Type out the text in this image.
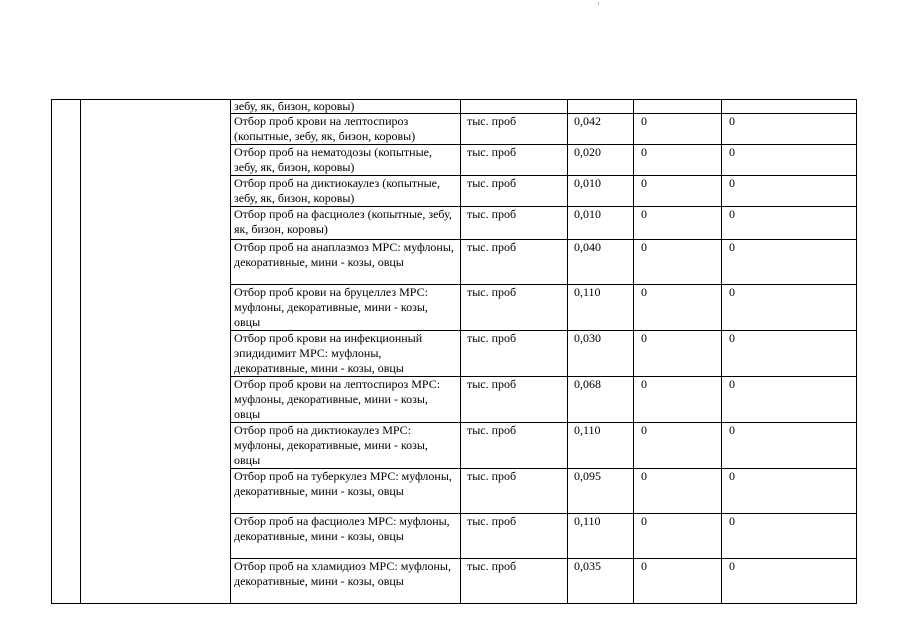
		зебу, як, бизон, коровы)				
		Отбор проб крови на лептоспироз (копытные, зебу, як, бизон, коровы)	тыс. проб	0,042	0	0
		Отбор проб на нематодозы (копытные, зебу, як, бизон, коровы)	тыс. проб	0,020	0	0
		Отбор проб на диктиокаулез (копытные, зебу, як, бизон, коровы)	тыс. проб	0,010	0	0
		Отбор проб на фасциолез (копытные, зебу, як, бизон, коровы)	тыс. проб	0,010	0	0
		Отбор проб на анаплазмоз МРС: муфлоны, декоративные, мини - козы, овцы	тыс. проб	0,040	0	0
		Отбор проб крови на бруцеллез МРС: муфлоны, декоративные, мини - козы, овцы	тыс. проб	0,110	0	0
		Отбор проб крови на инфекционный эпидидимит МРС: муфлоны, декоративные, мини - козы, овцы	тыс. проб	0,030	0	0
		Отбор проб крови на лептоспироз МРС: муфлоны, декоративные, мини - козы, овцы	тыс. проб	0,068	0	0
		Отбор проб на диктиокаулез МРС: муфлоны, декоративные, мини - козы, овцы	тыс. проб	0,110	0	0
		Отбор проб на туберкулез МРС: муфлоны, декоративные, мини - козы, овцы	тыс. проб	0,095	0	0
		Отбор проб на фасциолез МРС: муфлоны, декоративные, мини - козы, овцы	тыс. проб	0,110	0	0
		Отбор проб на хламидиоз МРС: муфлоны, декоративные, мини - козы, овцы	тыс. проб	0,035	0	0
